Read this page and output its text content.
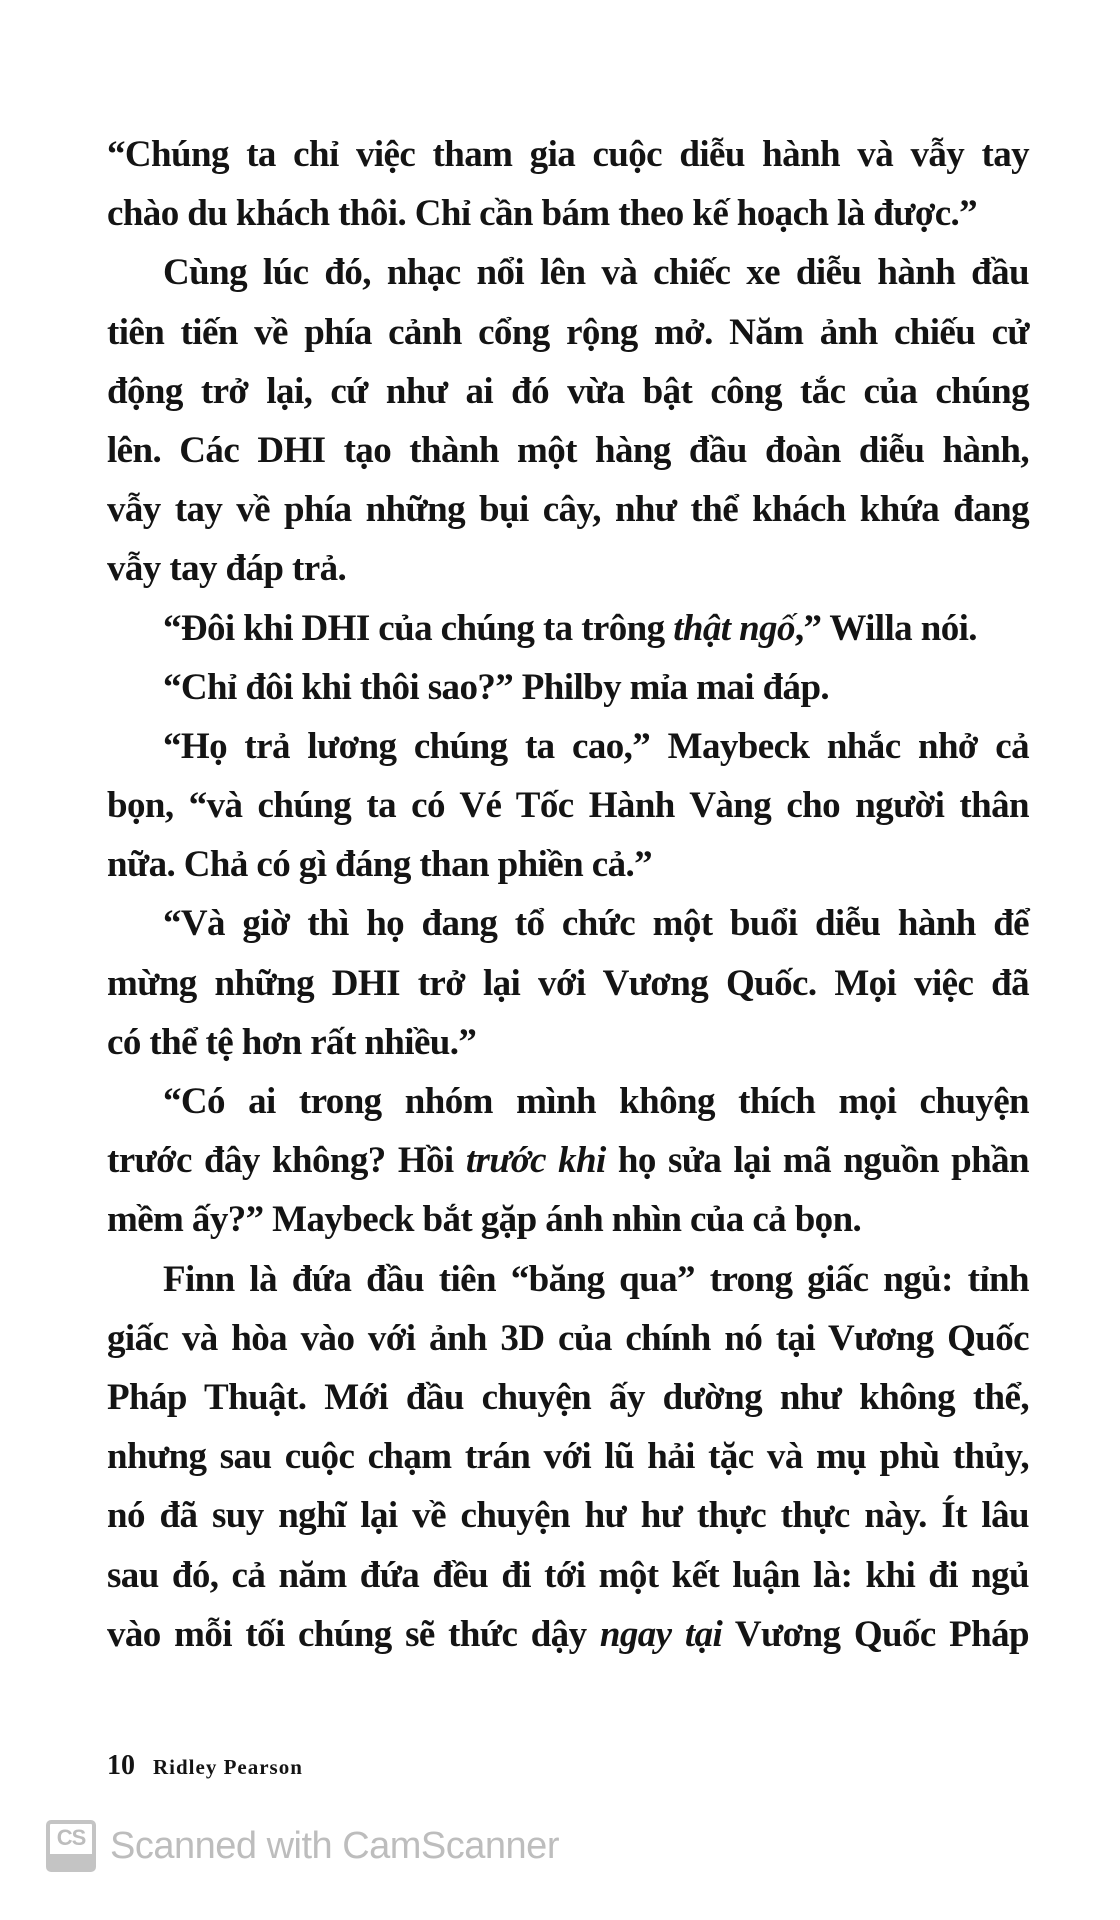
“Chúng ta chỉ việc tham gia cuộc diễu hành và vẫy tay
chào du khách thôi. Chỉ cần bám theo kế hoạch là được.”
Cùng lúc đó, nhạc nổi lên và chiếc xe diễu hành đầu
tiên tiến về phía cảnh cổng rộng mở. Năm ảnh chiếu cử
động trở lại, cứ như ai đó vừa bật công tắc của chúng
lên. Các DHI tạo thành một hàng đầu đoàn diễu hành,
vẫy tay về phía những bụi cây, như thể khách khứa đang
vẫy tay đáp trả.
“Đôi khi DHI của chúng ta trông thật ngố,” Willa nói.
“Chỉ đôi khi thôi sao?” Philby mỉa mai đáp.
“Họ trả lương chúng ta cao,” Maybeck nhắc nhở cả
bọn, “và chúng ta có Vé Tốc Hành Vàng cho người thân
nữa. Chả có gì đáng than phiền cả.”
“Và giờ thì họ đang tổ chức một buổi diễu hành để
mừng những DHI trở lại với Vương Quốc. Mọi việc đã
có thể tệ hơn rất nhiều.”
“Có ai trong nhóm mình không thích mọi chuyện
trước đây không? Hồi trước khi họ sửa lại mã nguồn phần
mềm ấy?” Maybeck bắt gặp ánh nhìn của cả bọn.
Finn là đứa đầu tiên “băng qua” trong giấc ngủ: tỉnh
giấc và hòa vào với ảnh 3D của chính nó tại Vương Quốc
Pháp Thuật. Mới đầu chuyện ấy dường như không thể,
nhưng sau cuộc chạm trán với lũ hải tặc và mụ phù thủy,
nó đã suy nghĩ lại về chuyện hư hư thực thực này. Ít lâu
sau đó, cả năm đứa đều đi tới một kết luận là: khi đi ngủ
vào mỗi tối chúng sẽ thức dậy ngay tại Vương Quốc Pháp
10 Ridley Pearson
CS Scanned with CamScanner
